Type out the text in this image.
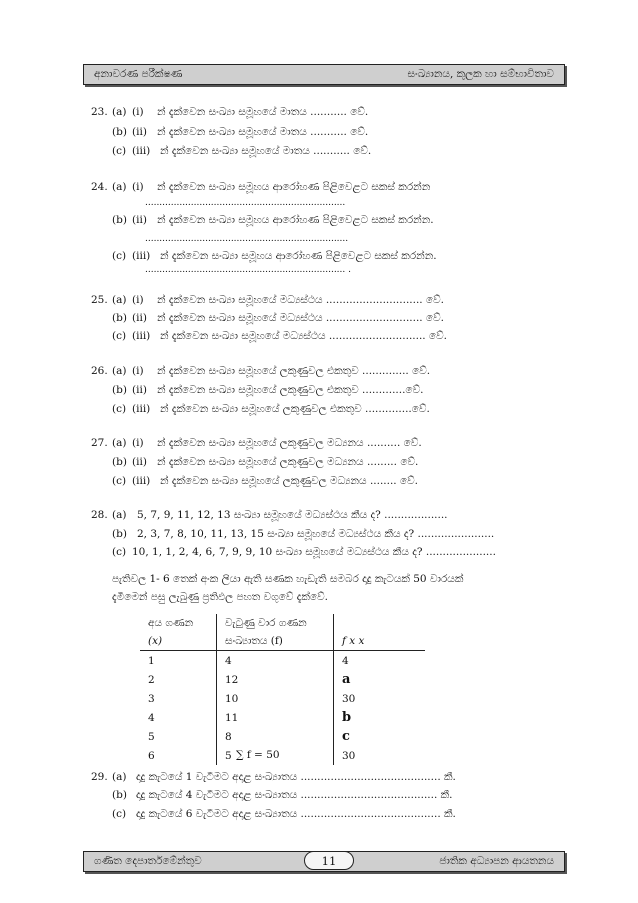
අනාවරණ පරීක්ෂණ	සංඛ්‍යානය, කුලක හා සම්භාවිතාව
23. (a) (i) න් දැක්වෙන සංඛ්‍යා සමූහයේ මාතය ........... වේ.
(b) (ii) න් දැක්වෙන සංඛ්‍යා සමූහයේ මාතය ........... වේ.
(c) (iii) න් දැක්වෙන සංඛ්‍යා සමූහයේ මාතය ........... වේ.
24. (a) (i) න් දැක්වෙන සංඛ්‍යා සමූහය ආරෝහණ පිළිවෙළට සකස් කරන්න
......................................................................
(b) (ii) න් දැක්වෙන සංඛ්‍යා සමූහය ආරෝහණ පිළිවෙළට සකස් කරන්න.
.......................................................................
(c) (iii) න් දැක්වෙන සංඛ්‍යා සමූහය ආරෝහණ පිළිවෙළට සකස් කරන්න.
...................................................................... .
25. (a) (i) න් දැක්වෙන සංඛ්‍යා සමූහයේ මධ්‍යස්ථය ............................. වේ.
(b) (ii) න් දැක්වෙන සංඛ්‍යා සමූහයේ මධ්‍යස්ථය ............................. වේ.
(c) (iii) න් දැක්වෙන සංඛ්‍යා සමූහයේ මධ්‍යස්ථය ............................. වේ.
26. (a) (i) න් දැක්වෙන සංඛ්‍යා සමූහයේ ලකුණුවල එකතුව .............. වේ.
(b) (ii) න් දැක්වෙන සංඛ්‍යා සමූහයේ ලකුණුවල එකතුව .............වේ.
(c) (iii) න් දැක්වෙන සංඛ්‍යා සමූහයේ ලකුණුවල එකතුව ..............වේ.
27. (a) (i) න් දැක්වෙන සංඛ්‍යා සමූහයේ ලකුණුවල මධ්‍යනය .......... වේ.
(b) (ii) න් දැක්වෙන සංඛ්‍යා සමූහයේ ලකුණුවල මධ්‍යනය ......... වේ.
(c) (iii) න් දැක්වෙන සංඛ්‍යා සමූහයේ ලකුණුවල මධ්‍යනය ........ වේ.
28. (a) 5, 7, 9, 11, 12, 13 සංඛ්‍යා සමූහයේ මධ්‍යස්ථය කීය ද? ...................
(b) 2, 3, 7, 8, 10, 11, 13, 15 සංඛ්‍යා සමූහයේ මධ්‍යස්ථය කීය ද? .......................
(c) 10, 1, 1, 2, 4, 6, 7, 9, 9, 10 සංඛ්‍යා සමූහයේ මධ්‍යස්ථය කීය ද? .....................
පැතිවල 1- 6 තෙක් අංක ලියා ඇති සණක හැඩැති සමබර දාදු කැටයක් 50 වාරයක්
දැමීමෙන් පසු ලැබුණු ප්‍රතිඵල පහත වගුවේ දැක්වේ.
අය ගණන	වැටුණු වාර ගණන	
(x)	සංඛ්‍යාතය (f)	f x x
1	4	4
2	12	a
3	10	30
4	11	b
5	8	c
6	5	30
∑ f = 50
29. (a) දාදු කැටයේ 1 වැටීමට අදාළ සංඛ්‍යාතය .......................................... කී.
(b) දාදු කැටයේ 4 වැටීමට අදාළ සංඛ්‍යාතය ......................................... කී.
(c) දාදු කැටයේ 6 වැටීමට අදාළ සංඛ්‍යාතය .......................................... කී.
ගණිත දෙපාර්තමේන්තුව	11	ජාතික අධ්‍යාපන ආයතනය
